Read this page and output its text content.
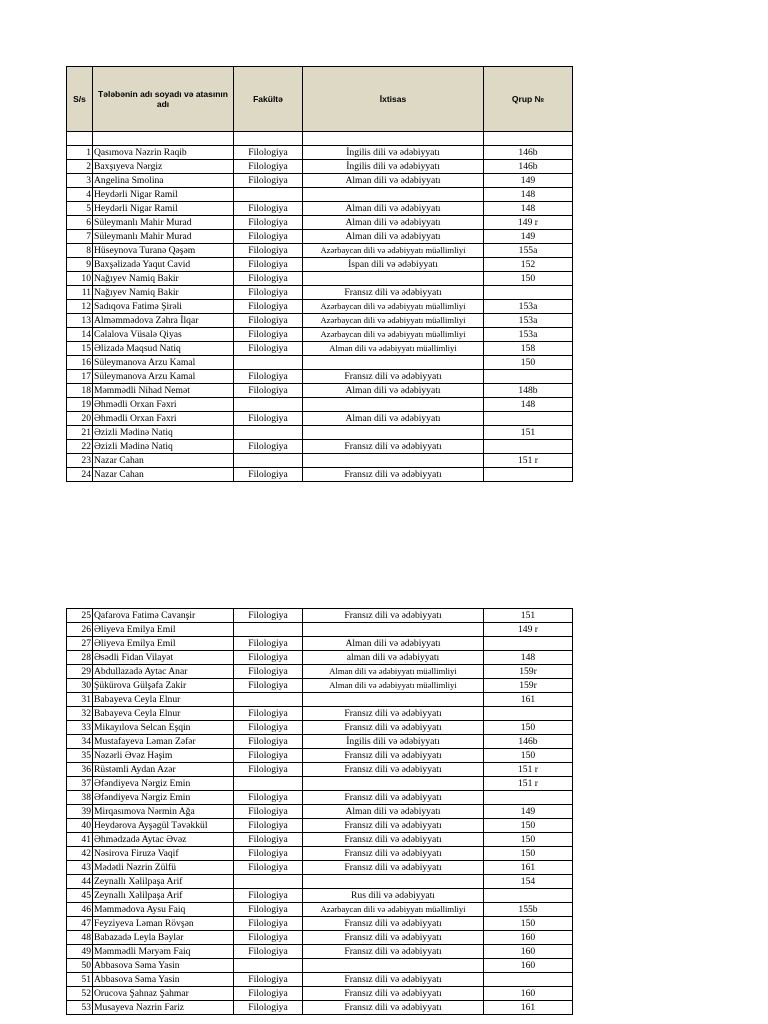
S/s	Tələbənin adı soyadı və atasının adı	Fakültə	İxtisas	Qrup №

1	Qasımova Nəzrin Raqib	Filologiya	İngilis dili və ədəbiyyatı	146b
2	Baxşıyeva Nərgiz	Filologiya	İngilis dili və ədəbiyyatı	146b
3	Angelina Smolina	Filologiya	Alman dili və ədəbiyyatı	149
4	Heydərli Nigar Ramil			148
5	Heydərli Nigar Ramil	Filologiya	Alman dili və ədəbiyyatı	148
6	Süleymanlı Mahir Murad	Filologiya	Alman dili və ədəbiyyatı	149 r
7	Süleymanlı Mahir Murad	Filologiya	Alman dili və ədəbiyyatı	149
8	Hüseynova Turanə Qəşəm	Filologiya	Azərbaycan dili və ədəbiyyatı müəllimliyi	155a
9	Baxşəlizadə Yaqut Cavid	Filologiya	İspan dili və ədəbiyyatı	152
10	Nağıyev Namiq Bakir	Filologiya		150
11	Nağıyev Namiq Bakir	Filologiya	Fransız dili və ədəbiyyatı	
12	Sadıqova Fatimə Şirəli	Filologiya	Azərbaycan dili və ədəbiyyatı müəllimliyi	153a
13	Alməmmədova Zəhra İlqar	Filologiya	Azərbaycan dili və ədəbiyyatı müəllimliyi	153a
14	Cəlalova Vüsalə Qiyas	Filologiya	Azərbaycan dili və ədəbiyyatı müəllimliyi	153a
15	Əlizadə Maqsud Natiq	Filologiya	Alman dili və ədəbiyyatı müəllimliyi	158
16	Süleymanova Arzu Kamal			150
17	Süleymanova Arzu Kamal	Filologiya	Fransız dili və ədəbiyyatı	
18	Məmmədli Nihad Nemət	Filologiya	Alman dili və ədəbiyyatı	148b
19	Əhmədli Orxan Fəxri			148
20	Əhmədli Orxan Fəxri	Filologiya	Alman dili və ədəbiyyatı	
21	Əzizli Mədinə Natiq			151
22	Əzizli Mədinə Natiq	Filologiya	Fransız dili və ədəbiyyatı	
23	Nazar Cahan			151 r
24	Nazar Cahan	Filologiya	Fransız dili və ədəbiyyatı	
25	Qafarova Fatimə Cavanşir	Filologiya	Fransız dili və ədəbiyyatı	151
26	Əliyeva Emilya Emil			149 r
27	Əliyeva Emilya Emil	Filologiya	Alman dili və ədəbiyyatı	
28	Əsədli Fidan Vilayət	Filologiya	alman dili və ədəbiyyatı	148
29	Abdullazadə Aytac Anar	Filologiya	Alman dili və ədəbiyyatı müəllimliyi	159r
30	Şükürova Gülşəfa Zakir	Filologiya	Alman dili və ədəbiyyatı müəllimliyi	159r
31	Babayeva Ceyla Elnur			161
32	Babayeva Ceyla Elnur	Filologiya	Fransız dili və ədəbiyyatı	
33	Mikayılova Selcan Eşqin	Filologiya	Fransız dili və ədəbiyyatı	150
34	Mustafayeva Ləman Zəfər	Filologiya	İngilis dili və ədəbiyyatı	146b
35	Nəzərli Əvəz Həşim	Filologiya	Fransız dili və ədəbiyyatı	150
36	Rüstəmli Aydan Azər	Filologiya	Fransız dili və ədəbiyyatı	151 r
37	Əfəndiyeva Nərgiz Emin			151 r
38	Əfəndiyeva Nərgiz Emin	Filologiya	Fransız dili və ədəbiyyatı	
39	Mirqasımova Nərmin Ağa	Filologiya	Alman dili və ədəbiyyatı	149
40	Heydərova Ayşəgül Təvəkkül	Filologiya	Fransız dili və ədəbiyyatı	150
41	Əhmədzadə Aytac Əvəz	Filologiya	Fransız dili və ədəbiyyatı	150
42	Nəsirova Firuzə Vaqif	Filologiya	Fransız dili və ədəbiyyatı	150
43	Mədətli Nəzrin Zülfü	Filologiya	Fransız dili və ədəbiyyatı	161
44	Zeynallı Xəlilpaşa Arif			154
45	Zeynallı Xəlilpaşa Arif	Filologiya	Rus dili və ədəbiyyatı	
46	Məmmədova Aysu Faiq	Filologiya	Azərbaycan dili və ədəbiyyatı müəllimliyi	155b
47	Feyziyeva Ləman Rövşən	Filologiya	Fransız dili və ədəbiyyatı	150
48	Babazadə Leyla Bəylər	Filologiya	Fransız dili və ədəbiyyatı	160
49	Məmmədli Məryəm Faiq	Filologiya	Fransız dili və ədəbiyyatı	160
50	Abbasova Səma Yasin			160
51	Abbasova Səma Yasin	Filologiya	Fransız dili və ədəbiyyatı	
52	Orucova Şahnaz Şahmar	Filologiya	Fransız dili və ədəbiyyatı	160
53	Musayeva Nəzrin Fariz	Filologiya	Fransız dili və ədəbiyyatı	161
